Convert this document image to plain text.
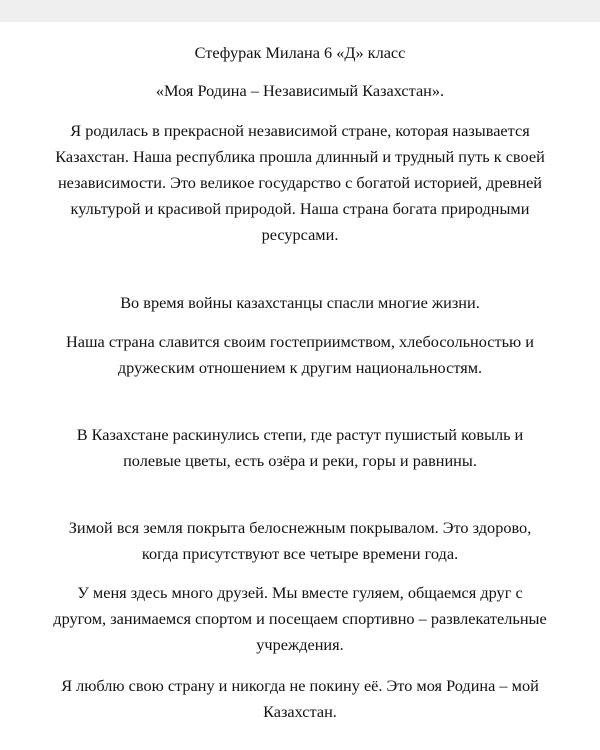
Стефурак Милана 6 «Д» класс

«Моя Родина – Независимый Казахстан».

Я родилась в прекрасной независимой стране, которая называется Казахстан. Наша республика прошла длинный и трудный путь к своей независимости. Это великое государство с богатой историей, древней культурой и красивой природой. Наша страна богата природными ресурсами.

Во время войны казахстанцы спасли многие жизни.

Наша страна славится своим гостеприимством, хлебосольностью и дружеским отношением к другим национальностям.

В Казахстане раскинулись степи, где растут пушистый ковыль и полевые цветы, есть озёра и реки, горы и равнины.

Зимой вся земля покрыта белоснежным покрывалом. Это здорово, когда присутствуют все четыре времени года.

У меня здесь много друзей. Мы вместе гуляем, общаемся друг с другом, занимаемся спортом и посещаем спортивно – развлекательные учреждения.

Я люблю свою страну и никогда не покину её. Это моя Родина – мой Казахстан.
